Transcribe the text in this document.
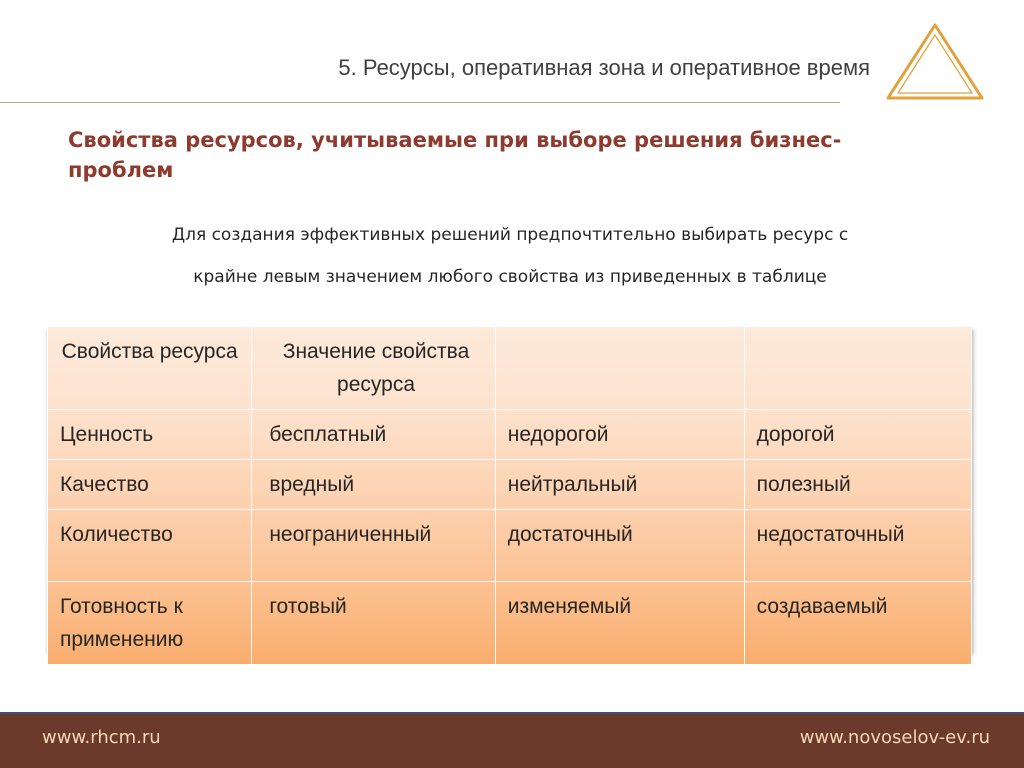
5. Ресурсы, оперативная зона и оперативное время
Свойства ресурсов, учитываемые при выборе решения бизнес-проблем
Для создания эффективных решений предпочтительно выбирать ресурс с
крайне левым значением любого свойства из приведенных в таблице
Свойства ресурса	Значение свойства ресурса		
Ценность	бесплатный	недорогой	дорогой
Качество	вредный	нейтральный	полезный
Количество	неограниченный	достаточный	недостаточный
Готовность к применению	готовый	изменяемый	создаваемый
www.rhcm.ru	www.novoselov-ev.ru
